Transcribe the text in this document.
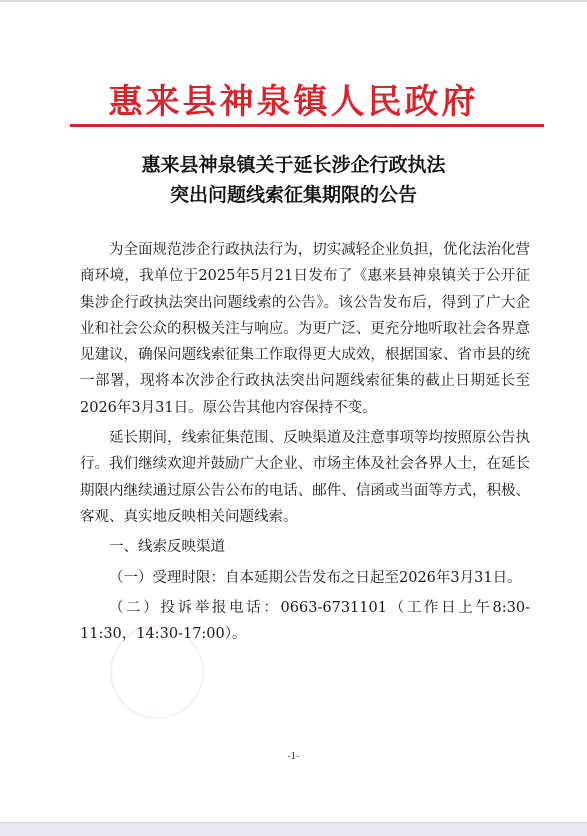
惠来县神泉镇人民政府
惠来县神泉镇关于延长涉企行政执法
突出问题线索征集期限的公告

为全面规范涉企行政执法行为，切实减轻企业负担，优化法治化营商环境，我单位于2025年5月21日发布了《惠来县神泉镇关于公开征集涉企行政执法突出问题线索的公告》。该公告发布后，得到了广大企业和社会公众的积极关注与响应。为更广泛、更充分地听取社会各界意见建议，确保问题线索征集工作取得更大成效，根据国家、省市县的统一部署，现将本次涉企行政执法突出问题线索征集的截止日期延长至2026年3月31日。原公告其他内容保持不变。

延长期间，线索征集范围、反映渠道及注意事项等均按照原公告执行。我们继续欢迎并鼓励广大企业、市场主体及社会各界人士，在延长期限内继续通过原公告公布的电话、邮件、信函或当面等方式，积极、客观、真实地反映相关问题线索。

一、线索反映渠道

（一）受理时限：自本延期公告发布之日起至2026年3月31日。

（二）投诉举报电话：0663-6731101（工作日上午8:30-11:30，14:30-17:00）。

-1-
